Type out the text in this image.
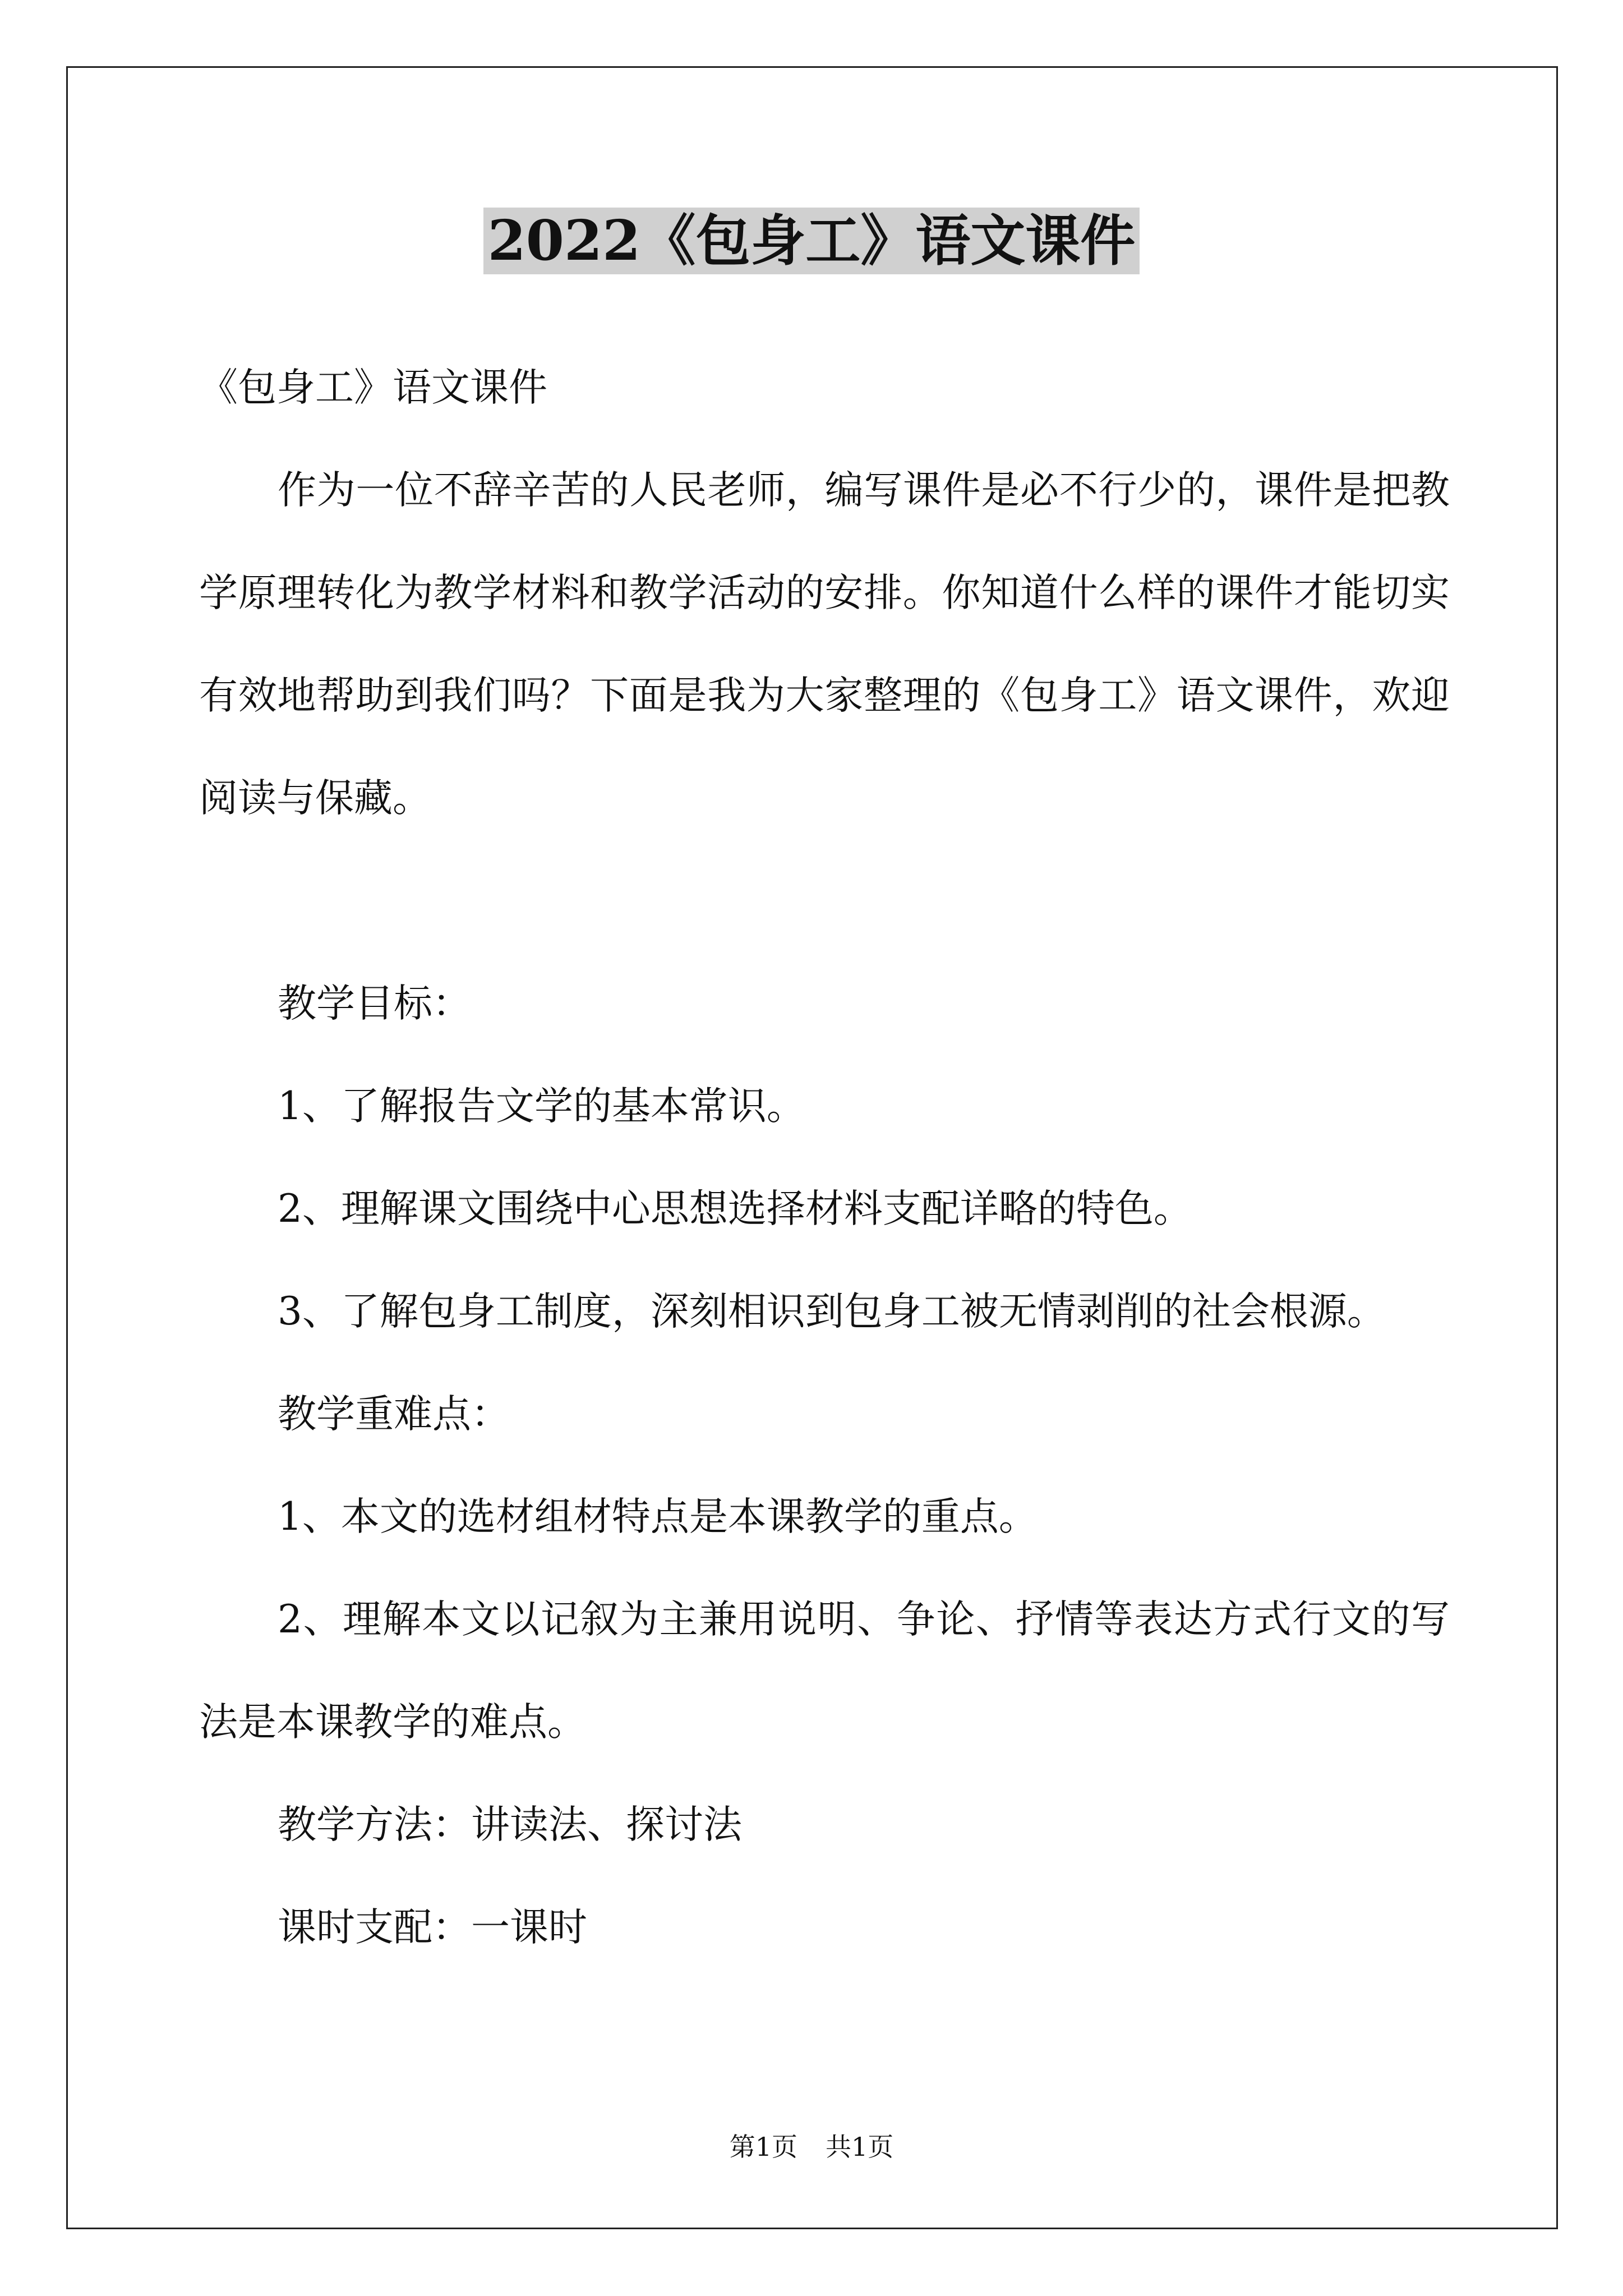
2022《包身工》语文课件

《包身工》语文课件

作为一位不辞辛苦的人民老师，编写课件是必不行少的，课件是把教学原理转化为教学材料和教学活动的安排。你知道什么样的课件才能切实有效地帮助到我们吗？下面是我为大家整理的《包身工》语文课件，欢迎阅读与保藏。

教学目标：

1、了解报告文学的基本常识。

2、理解课文围绕中心思想选择材料支配详略的特色。

3、了解包身工制度，深刻相识到包身工被无情剥削的社会根源。

教学重难点：

1、本文的选材组材特点是本课教学的重点。

2、理解本文以记叙为主兼用说明、争论、抒情等表达方式行文的写法是本课教学的难点。

教学方法：讲读法、探讨法

课时支配：一课时

第1页 共1页
